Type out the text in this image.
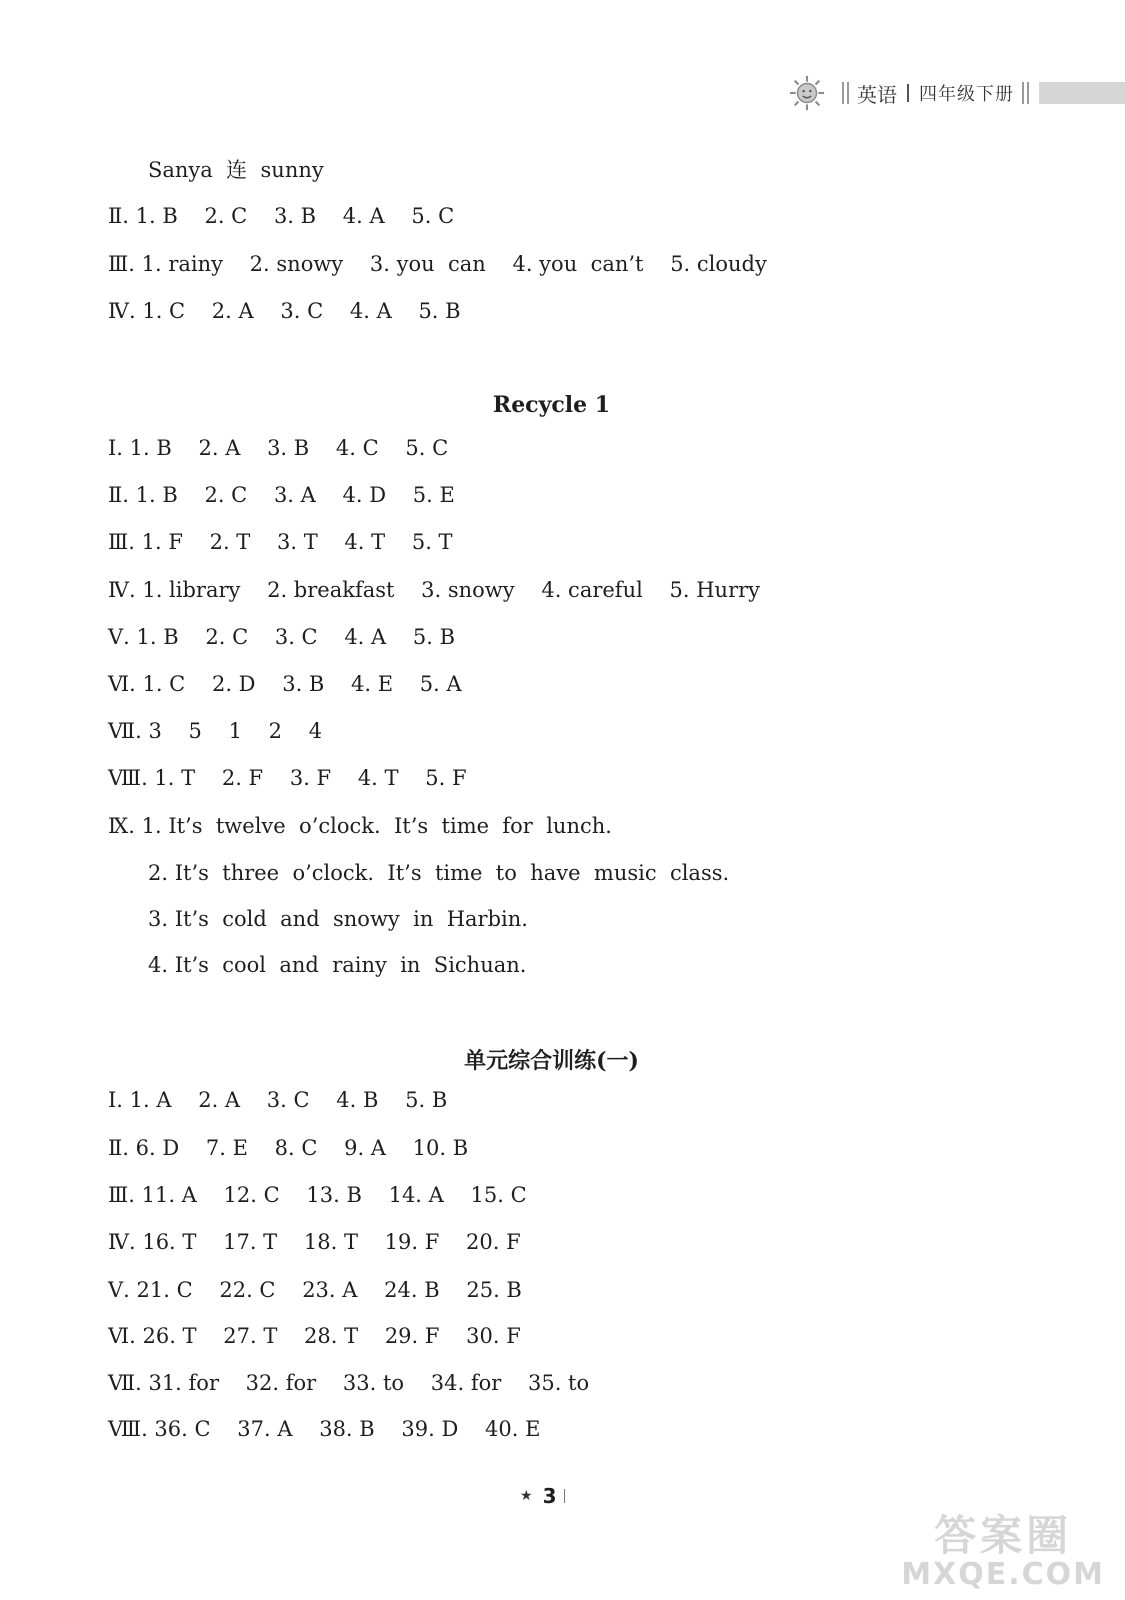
英语 四年级下册
Sanya  连  sunny
Ⅱ. 1. B    2. C    3. B    4. A    5. C
Ⅲ. 1. rainy    2. snowy    3. you  can    4. you  can’t    5. cloudy
Ⅳ. 1. C    2. A    3. C    4. A    5. B
Recycle 1
Ⅰ. 1. B    2. A    3. B    4. C    5. C
Ⅱ. 1. B    2. C    3. A    4. D    5. E
Ⅲ. 1. F    2. T    3. T    4. T    5. T
Ⅳ. 1. library    2. breakfast    3. snowy    4. careful    5. Hurry
Ⅴ. 1. B    2. C    3. C    4. A    5. B
Ⅵ. 1. C    2. D    3. B    4. E    5. A
Ⅶ. 3    5    1    2    4
Ⅷ. 1. T    2. F    3. F    4. T    5. F
Ⅸ. 1. It’s  twelve  o’clock.  It’s  time  for  lunch.
2. It’s  three  o’clock.  It’s  time  to  have  music  class.
3. It’s  cold  and  snowy  in  Harbin.
4. It’s  cool  and  rainy  in  Sichuan.
单元综合训练(一)
Ⅰ. 1. A    2. A    3. C    4. B    5. B
Ⅱ. 6. D    7. E    8. C    9. A    10. B
Ⅲ. 11. A    12. C    13. B    14. A    15. C
Ⅳ. 16. T    17. T    18. T    19. F    20. F
Ⅴ. 21. C    22. C    23. A    24. B    25. B
Ⅵ. 26. T    27. T    28. T    29. F    30. F
Ⅶ. 31. for    32. for    33. to    34. for    35. to
Ⅷ. 36. C    37. A    38. B    39. D    40. E
★ 3
答案圈
MXQE.COM
